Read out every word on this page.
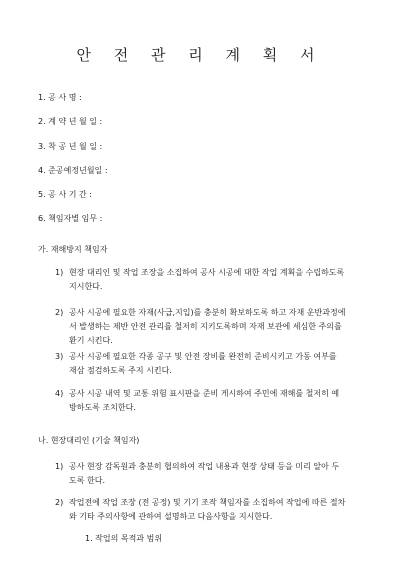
안 전 관 리 계 획 서
1. 공 사 명 :
2. 계 약 년 월 일 :
3. 착 공 년 월 일 :
4. 준공예정년월일 :
5. 공 사 기 간 :
6. 책임자별 임무 :
가. 재해방지 책임자
1) 현장 대리인 및 작업 조장을 소집하여 공사 시공에 대한 작업 계획을 수립하도록
지시한다.
2) 공사 시공에 필요한 자재(사급,지입)를 충분히 확보하도록 하고 자재 운반과정에
서 발생하는 제반 안전 관리를 철저히 지키도록하며 자재 보관에 세심한 주의를
환기 시킨다.
3) 공사 시공에 필요한 각종 공구 및 안전 장비를 완전히 준비시키고 가동 여부를
재삼 점검하도록 주지 시킨다.
4) 공사 시공 내역 및 교통 위험 표시판을 준비 게시하여 주민에 재해를 철저히 예
방하도록 조치한다.
나. 현장대리인 (기술 책임자)
1) 공사 현장 감독원과 충분히 협의하여 작업 내용과 현장 상태 등을 미리 알아 두
도록 한다.
2) 작업전에 작업 조장 (전 공정) 및 기기 조작 책임자를 소집하여 작업에 따른 절차
와 기타 주의사항에 관하여 설명하고 다음사항을 지시한다.
1. 작업의 목적과 범위
